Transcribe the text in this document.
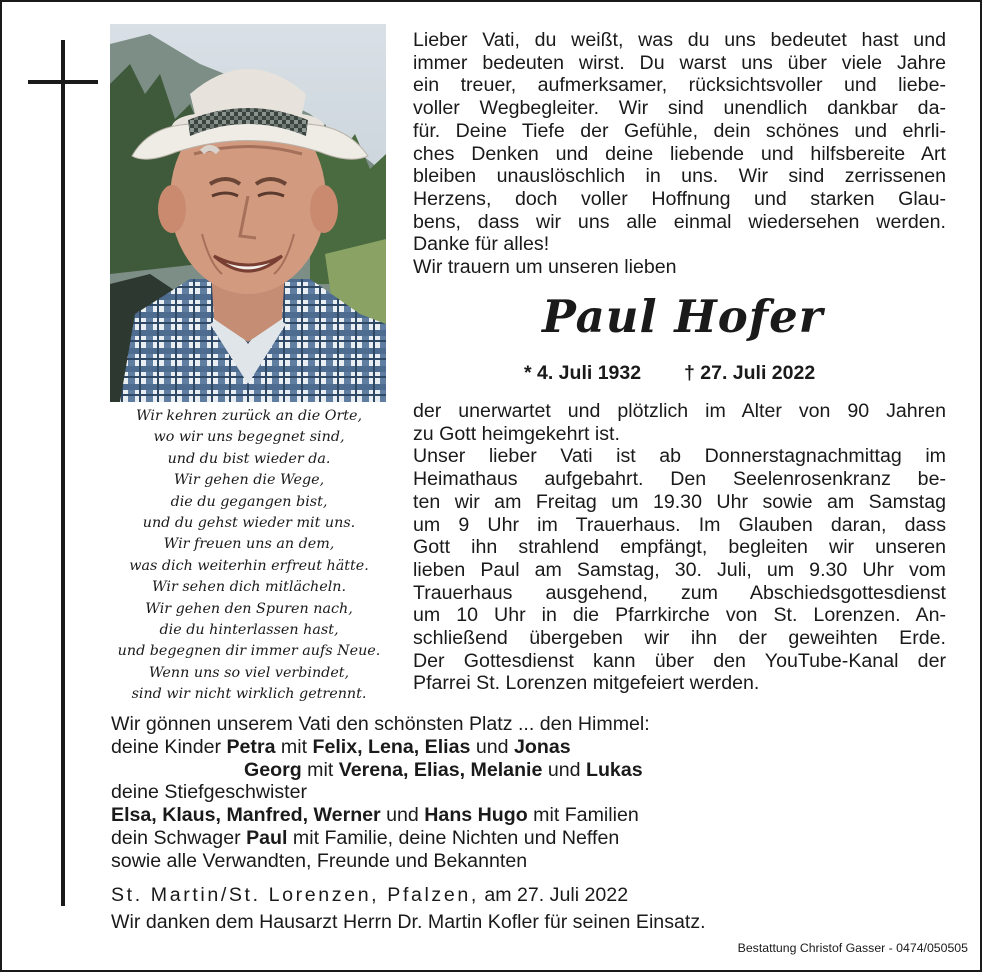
Lieber Vati, du weißt, was du uns bedeutet hast und
immer bedeuten wirst. Du warst uns über viele Jahre
ein treuer, aufmerksamer, rücksichtsvoller und liebe-
voller Wegbegleiter. Wir sind unendlich dankbar da-
für. Deine Tiefe der Gefühle, dein schönes und ehrli-
ches Denken und deine liebende und hilfsbereite Art
bleiben unauslöschlich in uns. Wir sind zerrissenen
Herzens, doch voller Hoffnung und starken Glau-
bens, dass wir uns alle einmal wiedersehen werden.
Danke für alles!
Wir trauern um unseren lieben
Paul Hofer
* 4. Juli 1932 † 27. Juli 2022
der unerwartet und plötzlich im Alter von 90 Jahren
zu Gott heimgekehrt ist.
Unser lieber Vati ist ab Donnerstagnachmittag im
Heimathaus aufgebahrt. Den Seelenrosenkranz be-
ten wir am Freitag um 19.30 Uhr sowie am Samstag
um 9 Uhr im Trauerhaus. Im Glauben daran, dass
Gott ihn strahlend empfängt, begleiten wir unseren
lieben Paul am Samstag, 30. Juli, um 9.30 Uhr vom
Trauerhaus ausgehend, zum Abschiedsgottesdienst
um 10 Uhr in die Pfarrkirche von St. Lorenzen. An-
schließend übergeben wir ihn der geweihten Erde.
Der Gottesdienst kann über den YouTube-Kanal der
Pfarrei St. Lorenzen mitgefeiert werden.
Wir kehren zurück an die Orte,
wo wir uns begegnet sind,
und du bist wieder da.
Wir gehen die Wege,
die du gegangen bist,
und du gehst wieder mit uns.
Wir freuen uns an dem,
was dich weiterhin erfreut hätte.
Wir sehen dich mitlächeln.
Wir gehen den Spuren nach,
die du hinterlassen hast,
und begegnen dir immer aufs Neue.
Wenn uns so viel verbindet,
sind wir nicht wirklich getrennt.
Wir gönnen unserem Vati den schönsten Platz ... den Himmel:
deine Kinder Petra mit Felix, Lena, Elias und Jonas
Georg mit Verena, Elias, Melanie und Lukas
deine Stiefgeschwister
Elsa, Klaus, Manfred, Werner und Hans Hugo mit Familien
dein Schwager Paul mit Familie, deine Nichten und Neffen
sowie alle Verwandten, Freunde und Bekannten
St. Martin/St. Lorenzen, Pfalzen, am 27. Juli 2022
Wir danken dem Hausarzt Herrn Dr. Martin Kofler für seinen Einsatz.
Bestattung Christof Gasser - 0474/050505
